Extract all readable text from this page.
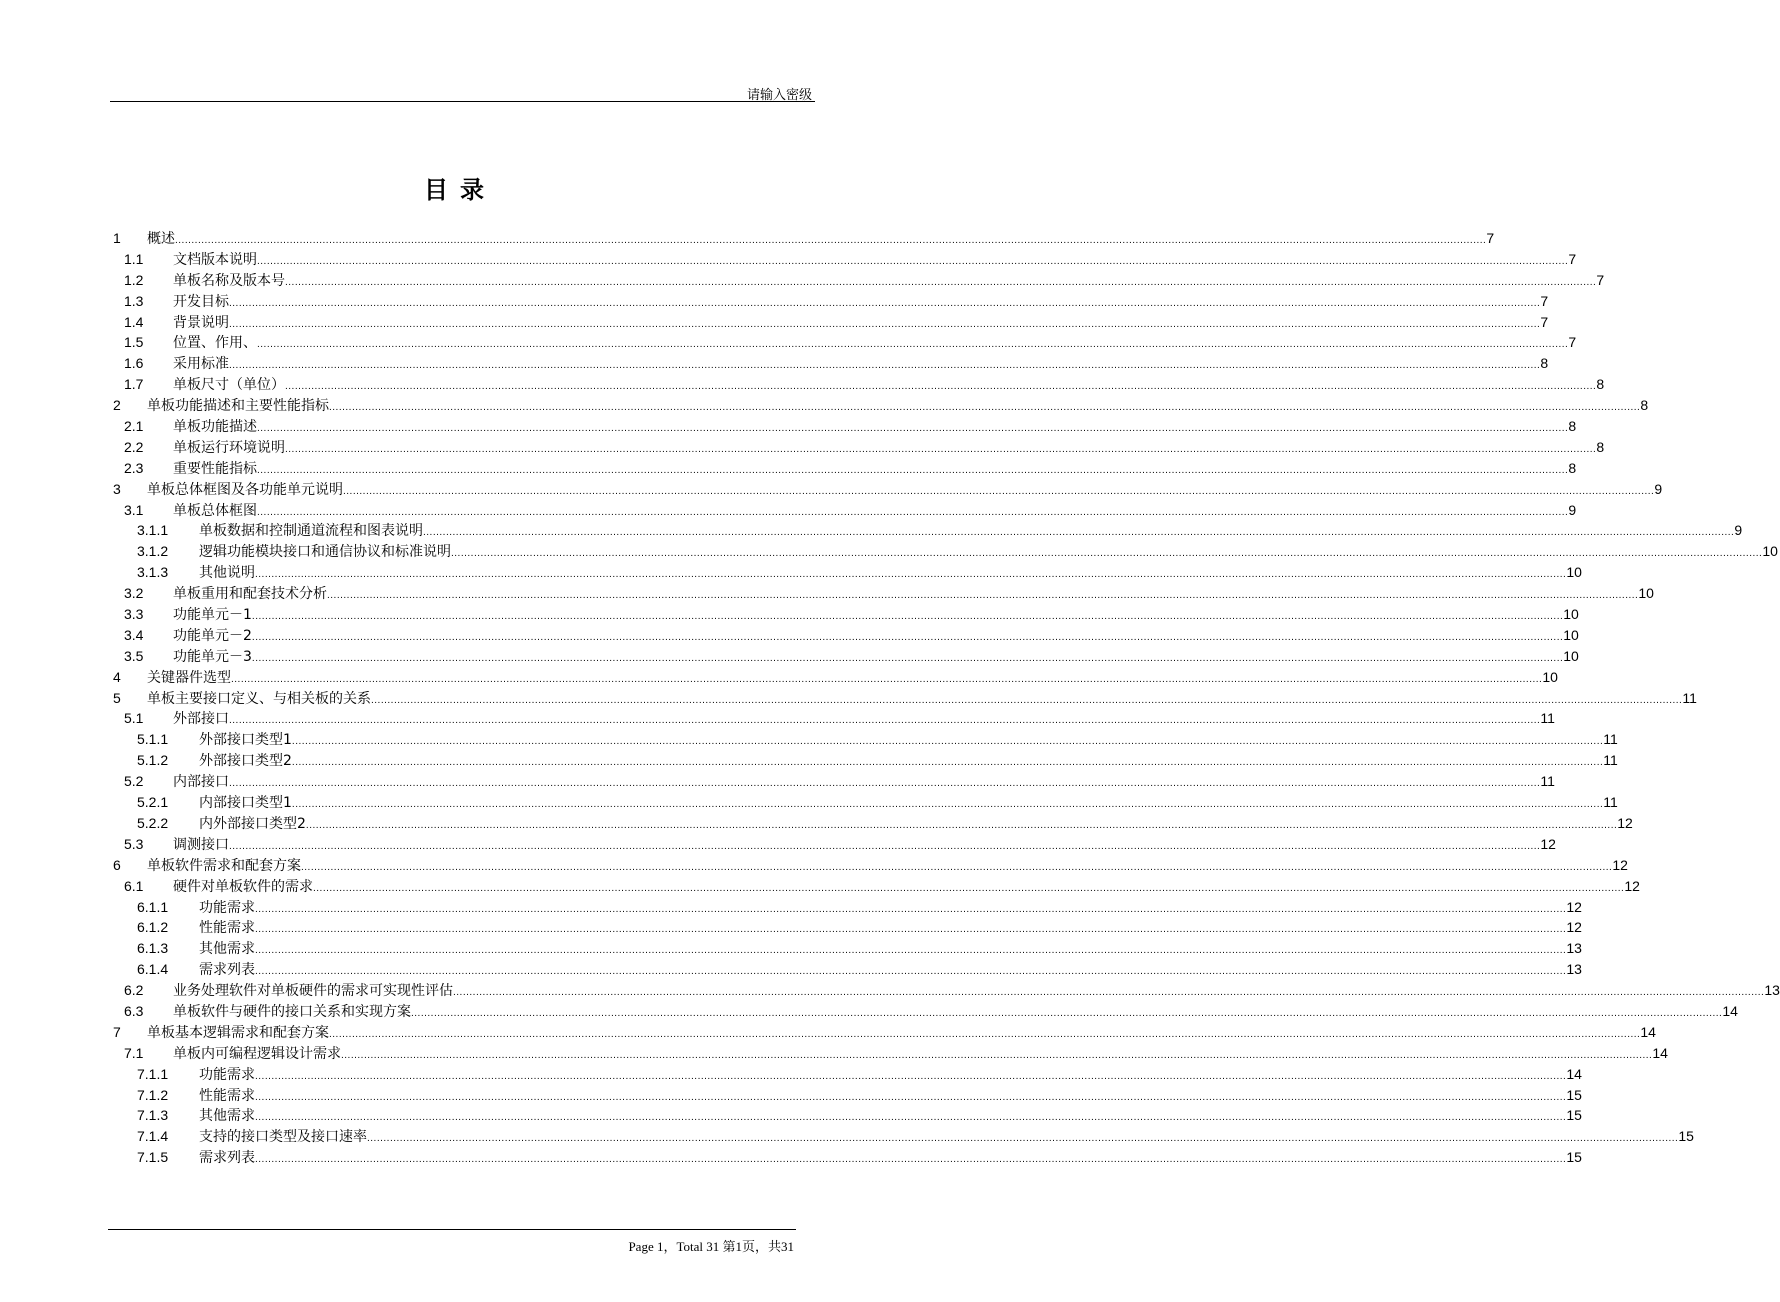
请输入密级
目录
1 概述 ................................................................................................................................................................................................................................................................................................................................................................................................................ 7
1.1 文档版本说明 ................................................................................................................................................................................................................................................................................................................................................................................................................ 7
1.2 单板名称及版本号 ................................................................................................................................................................................................................................................................................................................................................................................................................ 7
1.3 开发目标 ................................................................................................................................................................................................................................................................................................................................................................................................................ 7
1.4 背景说明 ................................................................................................................................................................................................................................................................................................................................................................................................................ 7
1.5 位置、作用、 ................................................................................................................................................................................................................................................................................................................................................................................................................ 7
1.6 采用标准 ................................................................................................................................................................................................................................................................................................................................................................................................................ 8
1.7 单板尺寸（单位） ................................................................................................................................................................................................................................................................................................................................................................................................................ 8
2 单板功能描述和主要性能指标 ................................................................................................................................................................................................................................................................................................................................................................................................................ 8
2.1 单板功能描述 ................................................................................................................................................................................................................................................................................................................................................................................................................ 8
2.2 单板运行环境说明 ................................................................................................................................................................................................................................................................................................................................................................................................................ 8
2.3 重要性能指标 ................................................................................................................................................................................................................................................................................................................................................................................................................ 8
3 单板总体框图及各功能单元说明 ................................................................................................................................................................................................................................................................................................................................................................................................................ 9
3.1 单板总体框图 ................................................................................................................................................................................................................................................................................................................................................................................................................ 9
3.1.1 单板数据和控制通道流程和图表说明 ................................................................................................................................................................................................................................................................................................................................................................................................................ 9
3.1.2 逻辑功能模块接口和通信协议和标准说明 ................................................................................................................................................................................................................................................................................................................................................................................................................ 10
3.1.3 其他说明 ................................................................................................................................................................................................................................................................................................................................................................................................................ 10
3.2 单板重用和配套技术分析 ................................................................................................................................................................................................................................................................................................................................................................................................................ 10
3.3 功能单元－1 ................................................................................................................................................................................................................................................................................................................................................................................................................ 10
3.4 功能单元－2 ................................................................................................................................................................................................................................................................................................................................................................................................................ 10
3.5 功能单元－3 ................................................................................................................................................................................................................................................................................................................................................................................................................ 10
4 关键器件选型 ................................................................................................................................................................................................................................................................................................................................................................................................................ 10
5 单板主要接口定义、与相关板的关系 ................................................................................................................................................................................................................................................................................................................................................................................................................ 11
5.1 外部接口 ................................................................................................................................................................................................................................................................................................................................................................................................................ 11
5.1.1 外部接口类型1 ................................................................................................................................................................................................................................................................................................................................................................................................................ 11
5.1.2 外部接口类型2 ................................................................................................................................................................................................................................................................................................................................................................................................................ 11
5.2 内部接口 ................................................................................................................................................................................................................................................................................................................................................................................................................ 11
5.2.1 内部接口类型1 ................................................................................................................................................................................................................................................................................................................................................................................................................ 11
5.2.2 内外部接口类型2 ................................................................................................................................................................................................................................................................................................................................................................................................................ 12
5.3 调测接口 ................................................................................................................................................................................................................................................................................................................................................................................................................ 12
6 单板软件需求和配套方案 ................................................................................................................................................................................................................................................................................................................................................................................................................ 12
6.1 硬件对单板软件的需求 ................................................................................................................................................................................................................................................................................................................................................................................................................ 12
6.1.1 功能需求 ................................................................................................................................................................................................................................................................................................................................................................................................................ 12
6.1.2 性能需求 ................................................................................................................................................................................................................................................................................................................................................................................................................ 12
6.1.3 其他需求 ................................................................................................................................................................................................................................................................................................................................................................................................................ 13
6.1.4 需求列表 ................................................................................................................................................................................................................................................................................................................................................................................................................ 13
6.2 业务处理软件对单板硬件的需求可实现性评估 ................................................................................................................................................................................................................................................................................................................................................................................................................ 13
6.3 单板软件与硬件的接口关系和实现方案 ................................................................................................................................................................................................................................................................................................................................................................................................................ 14
7 单板基本逻辑需求和配套方案 ................................................................................................................................................................................................................................................................................................................................................................................................................ 14
7.1 单板内可编程逻辑设计需求 ................................................................................................................................................................................................................................................................................................................................................................................................................ 14
7.1.1 功能需求 ................................................................................................................................................................................................................................................................................................................................................................................................................ 14
7.1.2 性能需求 ................................................................................................................................................................................................................................................................................................................................................................................................................ 15
7.1.3 其他需求 ................................................................................................................................................................................................................................................................................................................................................................................................................ 15
7.1.4 支持的接口类型及接口速率 ................................................................................................................................................................................................................................................................................................................................................................................................................ 15
7.1.5 需求列表 ................................................................................................................................................................................................................................................................................................................................................................................................................ 15
Page 1，Total 31 第1页，共31
